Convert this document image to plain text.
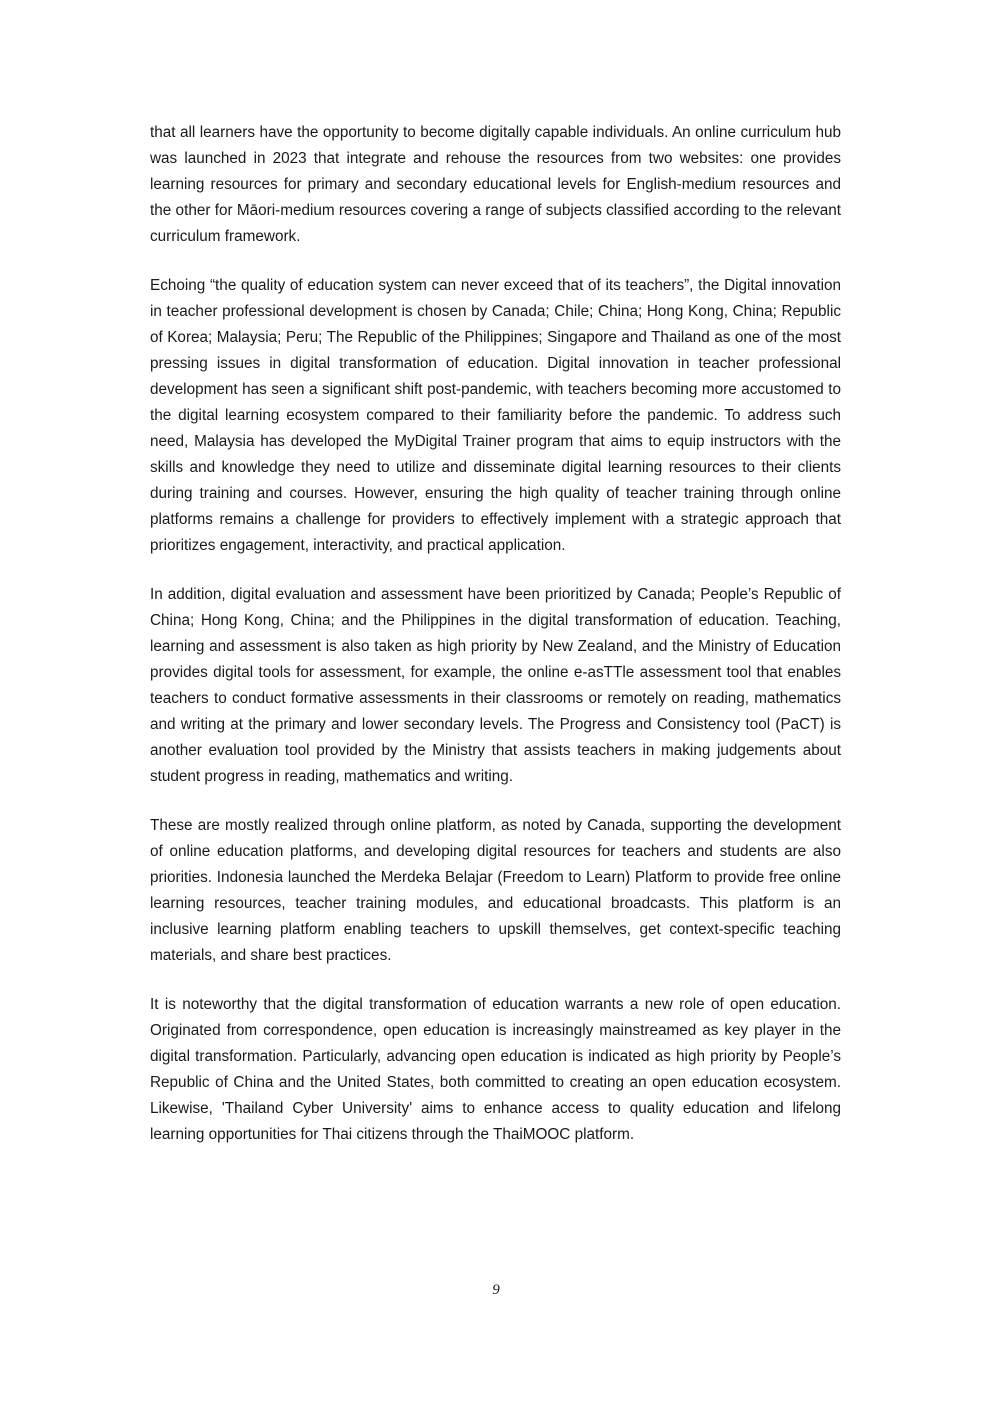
that all learners have the opportunity to become digitally capable individuals. An online curriculum hub was launched in 2023 that integrate and rehouse the resources from two websites: one provides learning resources for primary and secondary educational levels for English-medium resources and the other for Māori-medium resources covering a range of subjects classified according to the relevant curriculum framework.

Echoing “the quality of education system can never exceed that of its teachers”, the Digital innovation in teacher professional development is chosen by Canada; Chile; China; Hong Kong, China; Republic of Korea; Malaysia; Peru; The Republic of the Philippines; Singapore and Thailand as one of the most pressing issues in digital transformation of education. Digital innovation in teacher professional development has seen a significant shift post-pandemic, with teachers becoming more accustomed to the digital learning ecosystem compared to their familiarity before the pandemic. To address such need, Malaysia has developed the MyDigital Trainer program that aims to equip instructors with the skills and knowledge they need to utilize and disseminate digital learning resources to their clients during training and courses. However, ensuring the high quality of teacher training through online platforms remains a challenge for providers to effectively implement with a strategic approach that prioritizes engagement, interactivity, and practical application.

In addition, digital evaluation and assessment have been prioritized by Canada; People’s Republic of China; Hong Kong, China; and the Philippines in the digital transformation of education. Teaching, learning and assessment is also taken as high priority by New Zealand, and the Ministry of Education provides digital tools for assessment, for example, the online e-asTTle assessment tool that enables teachers to conduct formative assessments in their classrooms or remotely on reading, mathematics and writing at the primary and lower secondary levels. The Progress and Consistency tool (PaCT) is another evaluation tool provided by the Ministry that assists teachers in making judgements about student progress in reading, mathematics and writing.

These are mostly realized through online platform, as noted by Canada, supporting the development of online education platforms, and developing digital resources for teachers and students are also priorities. Indonesia launched the Merdeka Belajar (Freedom to Learn) Platform to provide free online learning resources, teacher training modules, and educational broadcasts. This platform is an inclusive learning platform enabling teachers to upskill themselves, get context-specific teaching materials, and share best practices.

It is noteworthy that the digital transformation of education warrants a new role of open education. Originated from correspondence, open education is increasingly mainstreamed as key player in the digital transformation. Particularly, advancing open education is indicated as high priority by People’s Republic of China and the United States, both committed to creating an open education ecosystem. Likewise, 'Thailand Cyber University' aims to enhance access to quality education and lifelong learning opportunities for Thai citizens through the ThaiMOOC platform.

9
